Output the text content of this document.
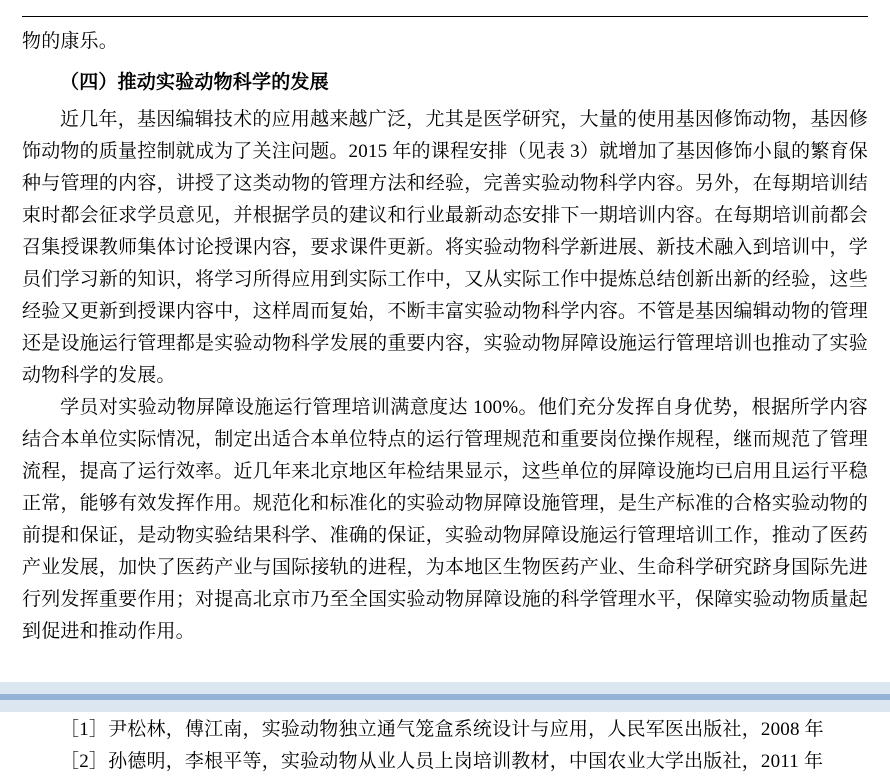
物的康乐。

（四）推动实验动物科学的发展

近几年，基因编辑技术的应用越来越广泛，尤其是医学研究，大量的使用基因修饰动物，基因修饰动物的质量控制就成为了关注问题。2015 年的课程安排（见表 3）就增加了基因修饰小鼠的繁育保种与管理的内容，讲授了这类动物的管理方法和经验，完善实验动物科学内容。另外，在每期培训结束时都会征求学员意见，并根据学员的建议和行业最新动态安排下一期培训内容。在每期培训前都会召集授课教师集体讨论授课内容，要求课件更新。将实验动物科学新进展、新技术融入到培训中，学员们学习新的知识，将学习所得应用到实际工作中，又从实际工作中提炼总结创新出新的经验，这些经验又更新到授课内容中，这样周而复始，不断丰富实验动物科学内容。不管是基因编辑动物的管理还是设施运行管理都是实验动物科学发展的重要内容，实验动物屏障设施运行管理培训也推动了实验动物科学的发展。

学员对实验动物屏障设施运行管理培训满意度达 100%。他们充分发挥自身优势，根据所学内容结合本单位实际情况，制定出适合本单位特点的运行管理规范和重要岗位操作规程，继而规范了管理流程，提高了运行效率。近几年来北京地区年检结果显示，这些单位的屏障设施均已启用且运行平稳正常，能够有效发挥作用。规范化和标准化的实验动物屏障设施管理，是生产标准的合格实验动物的前提和保证，是动物实验结果科学、准确的保证，实验动物屏障设施运行管理培训工作，推动了医药产业发展，加快了医药产业与国际接轨的进程，为本地区生物医药产业、生命科学研究跻身国际先进行列发挥重要作用；对提高北京市乃至全国实验动物屏障设施的科学管理水平，保障实验动物质量起到促进和推动作用。

［1］尹松林，傅江南，实验动物独立通气笼盒系统设计与应用，人民军医出版社，2008 年

［2］孙德明，李根平等，实验动物从业人员上岗培训教材，中国农业大学出版社，2011 年
